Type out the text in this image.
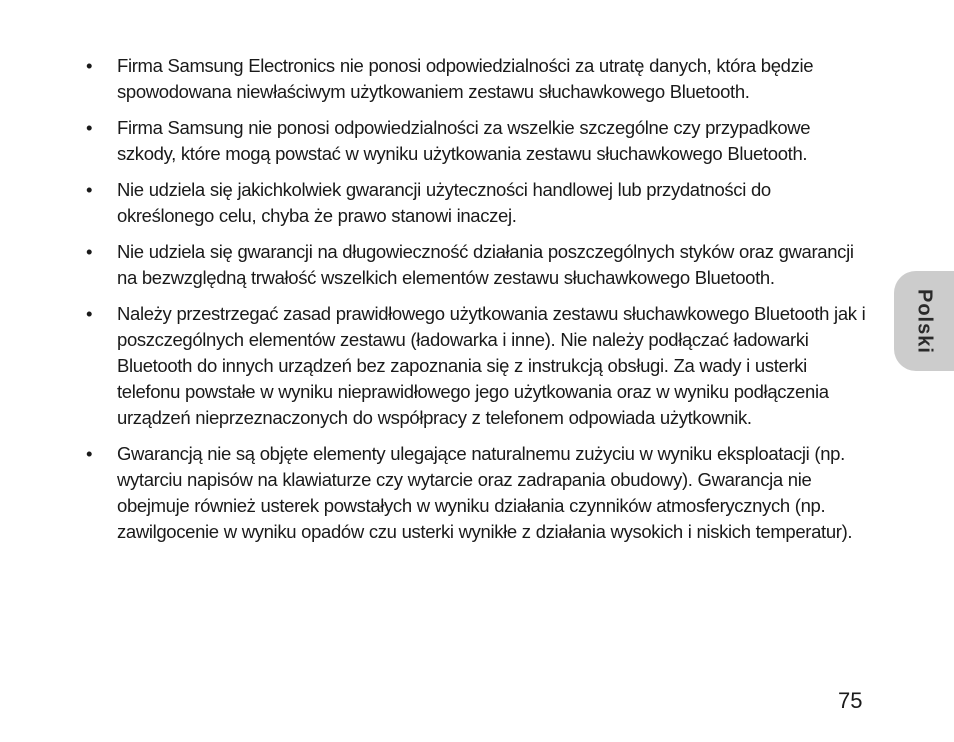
•	Firma Samsung Electronics nie ponosi odpowiedzialności za utratę danych, która będzie spowodowana niewłaściwym użytkowaniem zestawu słuchawkowego Bluetooth.
•	Firma Samsung nie ponosi odpowiedzialności za wszelkie szczególne czy przypadkowe szkody, które mogą powstać w wyniku użytkowania zestawu słuchawkowego Bluetooth.
•	Nie udziela się jakichkolwiek gwarancji użyteczności handlowej lub przydatności do określonego celu, chyba że prawo stanowi inaczej.
•	Nie udziela się gwarancji na długowieczność działania poszczególnych styków oraz gwarancji na bezwzględną trwałość wszelkich elementów zestawu słuchawkowego Bluetooth.
•	Należy przestrzegać zasad prawidłowego użytkowania zestawu słuchawkowego Bluetooth jak i poszczególnych elementów zestawu (ładowarka i inne). Nie należy podłączać ładowarki Bluetooth do innych urządzeń bez zapoznania się z instrukcją obsługi. Za wady i usterki telefonu powstałe w wyniku nieprawidłowego jego użytkowania oraz w wyniku podłączenia urządzeń nieprzeznaczonych do współpracy z telefonem odpowiada użytkownik.
•	Gwarancją nie są objęte elementy ulegające naturalnemu zużyciu w wyniku eksploatacji (np. wytarciu napisów na klawiaturze czy wytarcie oraz zadrapania obudowy). Gwarancja nie obejmuje również usterek powstałych w wyniku działania czynników atmosferycznych (np. zawilgocenie w wyniku opadów czu usterki wynikłe z działania wysokich i niskich temperatur).
Polski
75
